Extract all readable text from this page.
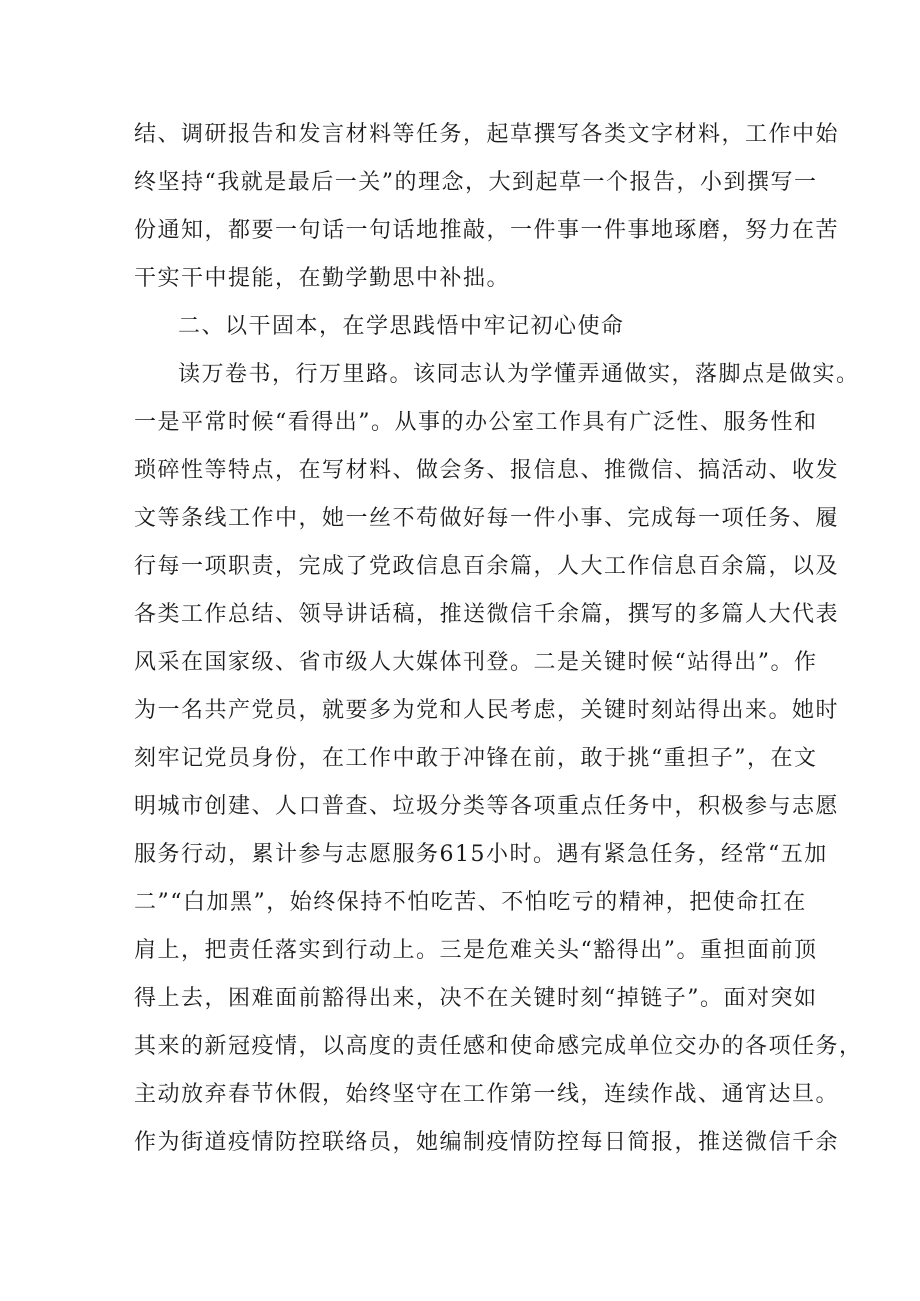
结、调研报告和发言材料等任务，起草撰写各类文字材料，工作中始
终坚持“我就是最后一关”的理念，大到起草一个报告，小到撰写一
份通知，都要一句话一句话地推敲，一件事一件事地琢磨，努力在苦
干实干中提能，在勤学勤思中补拙。
二、以干固本，在学思践悟中牢记初心使命
读万卷书，行万里路。该同志认为学懂弄通做实，落脚点是做实。
一是平常时候“看得出”。从事的办公室工作具有广泛性、服务性和
琐碎性等特点，在写材料、做会务、报信息、推微信、搞活动、收发
文等条线工作中，她一丝不苟做好每一件小事、完成每一项任务、履
行每一项职责，完成了党政信息百余篇，人大工作信息百余篇，以及
各类工作总结、领导讲话稿，推送微信千余篇，撰写的多篇人大代表
风采在国家级、省市级人大媒体刊登。二是关键时候“站得出”。作
为一名共产党员，就要多为党和人民考虑，关键时刻站得出来。她时
刻牢记党员身份，在工作中敢于冲锋在前，敢于挑“重担子”，在文
明城市创建、人口普查、垃圾分类等各项重点任务中，积极参与志愿
服务行动，累计参与志愿服务615小时。遇有紧急任务，经常“五加
二”“白加黑”，始终保持不怕吃苦、不怕吃亏的精神，把使命扛在
肩上，把责任落实到行动上。三是危难关头“豁得出”。重担面前顶
得上去，困难面前豁得出来，决不在关键时刻“掉链子”。面对突如
其来的新冠疫情，以高度的责任感和使命感完成单位交办的各项任务，
主动放弃春节休假，始终坚守在工作第一线，连续作战、通宵达旦。
作为街道疫情防控联络员，她编制疫情防控每日简报，推送微信千余
